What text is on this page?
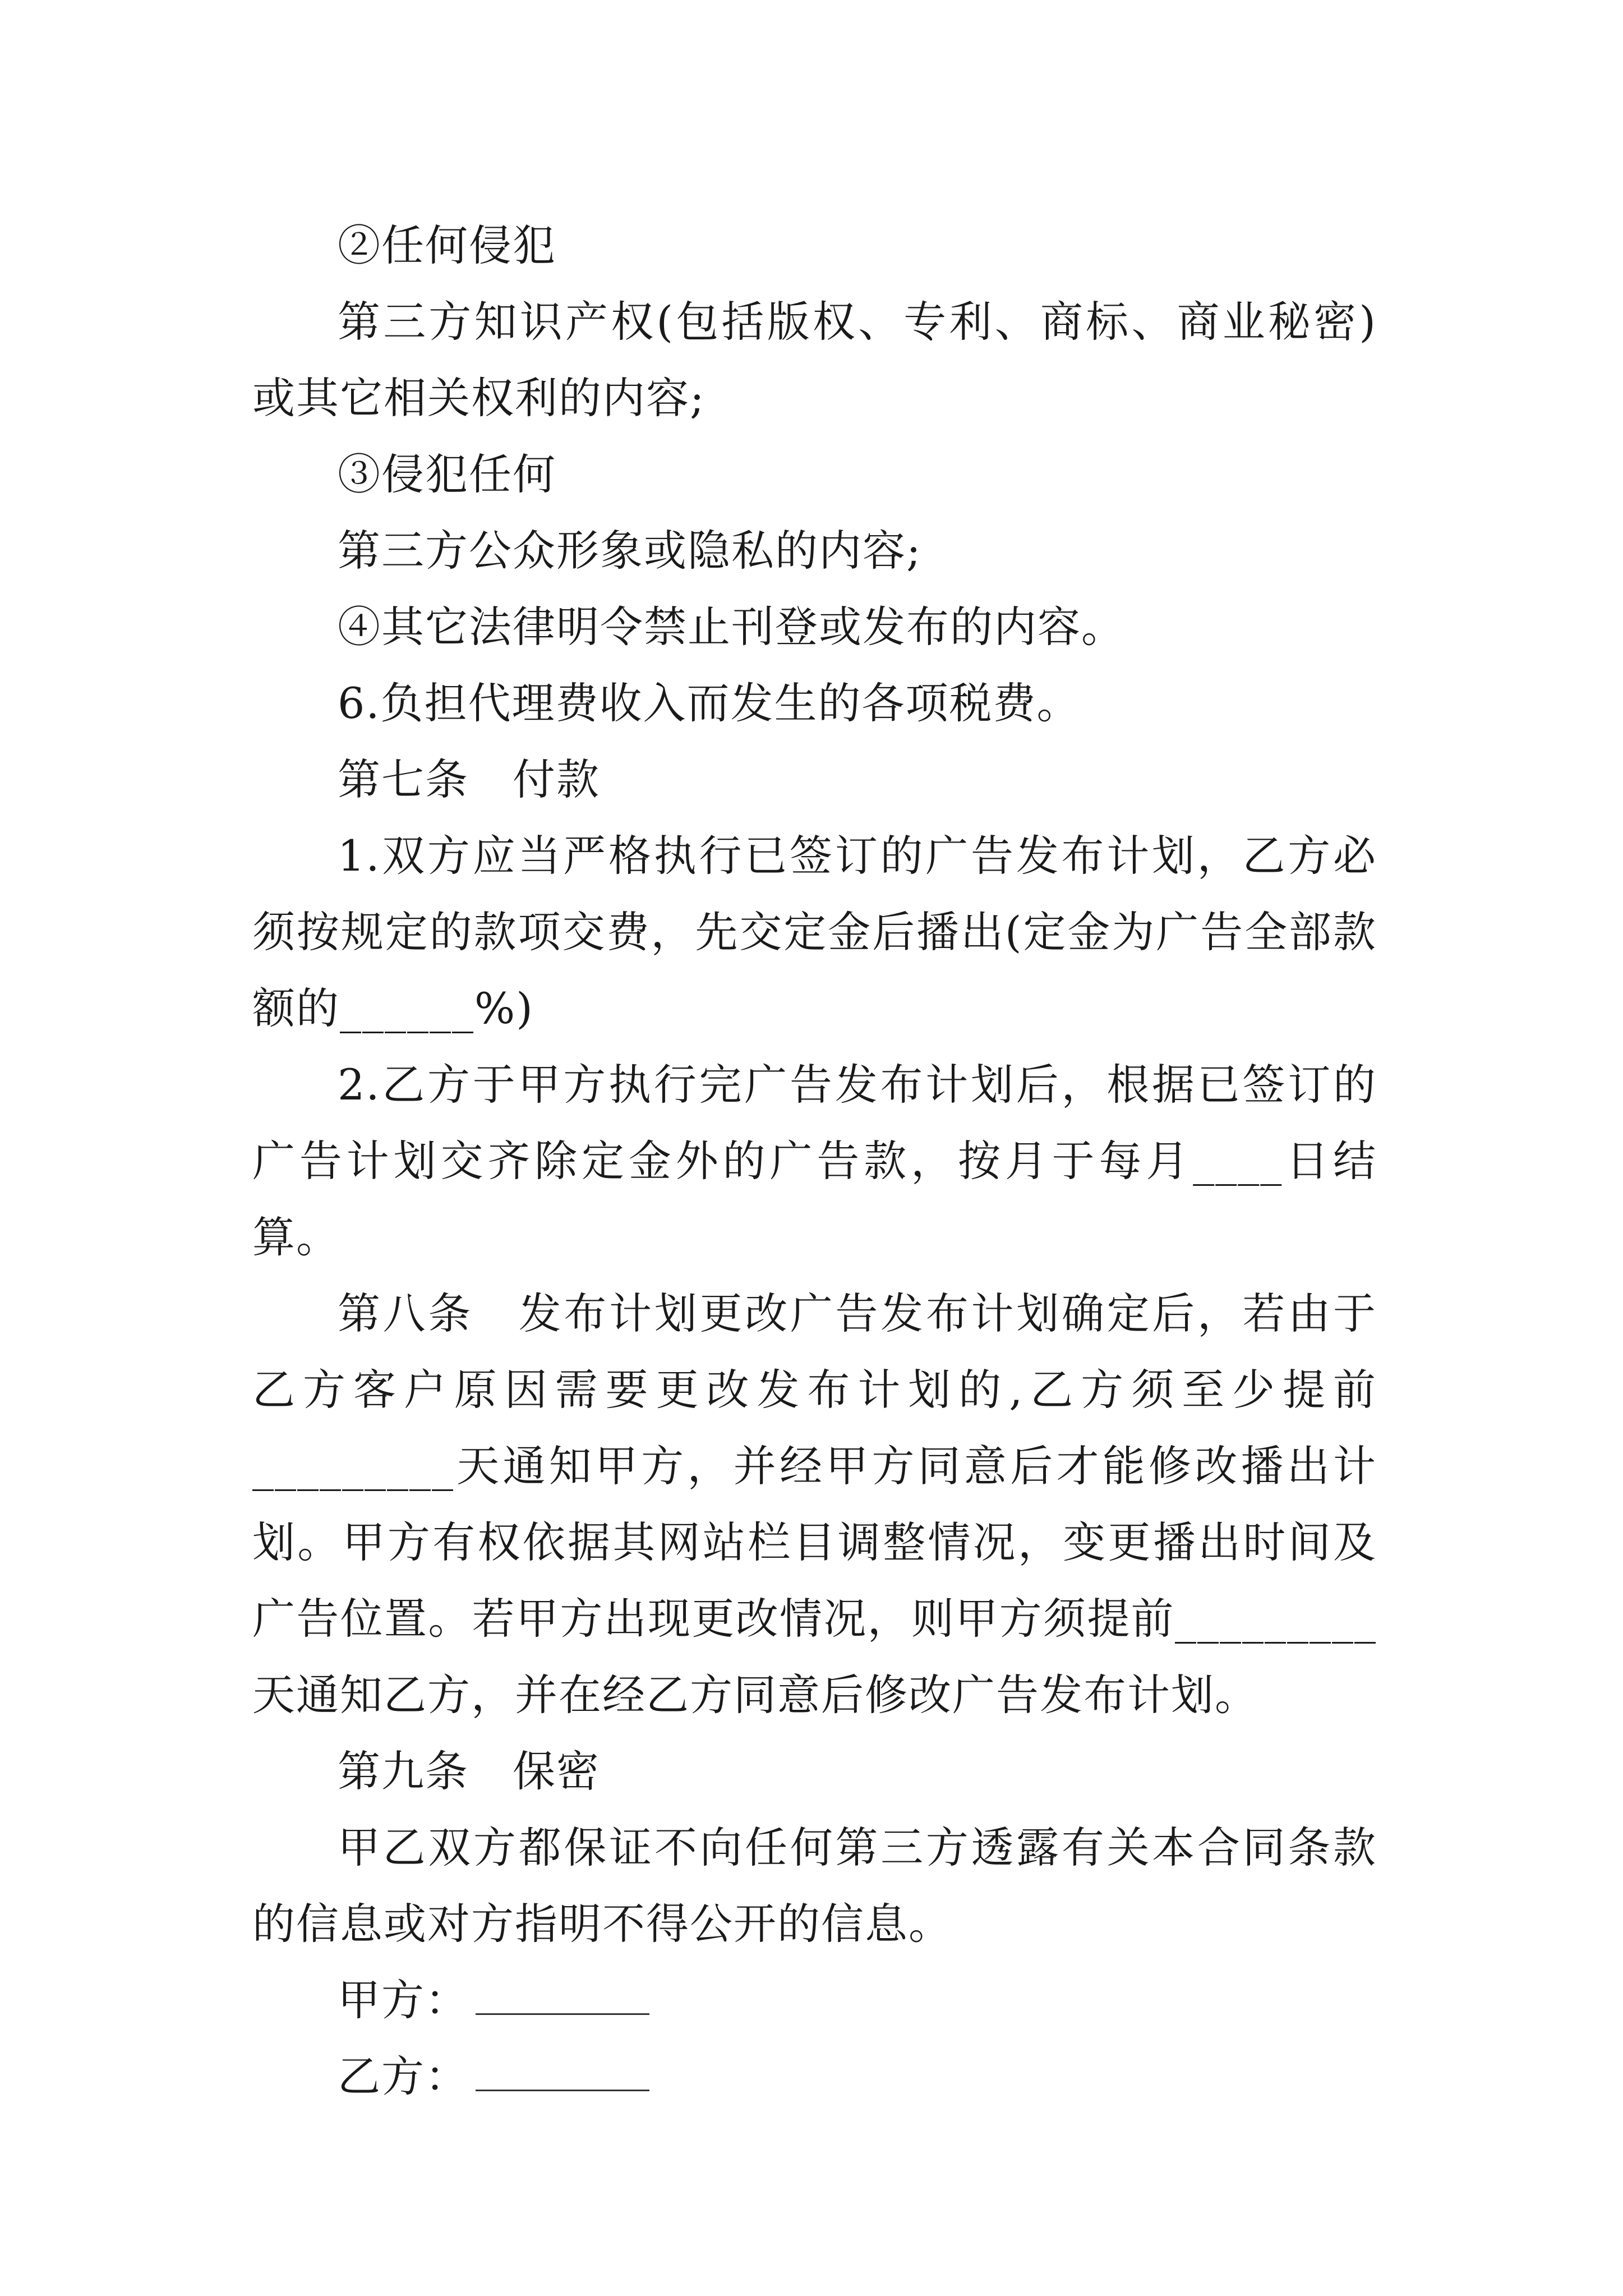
②任何侵犯

第三方知识产权(包括版权、专利、商标、商业秘密)或其它相关权利的内容;

③侵犯任何

第三方公众形象或隐私的内容;

④其它法律明令禁止刊登或发布的内容。

6.负担代理费收入而发生的各项税费。

第七条　付款

1.双方应当严格执行已签订的广告发布计划，乙方必须按规定的款项交费，先交定金后播出(定金为广告全部款额的______%)

2.乙方于甲方执行完广告发布计划后，根据已签订的广告计划交齐除定金外的广告款，按月于每月____日结算。

第八条　发布计划更改广告发布计划确定后，若由于乙方客户原因需要更改发布计划的,乙方须至少提前_________天通知甲方，并经甲方同意后才能修改播出计划。甲方有权依据其网站栏目调整情况，变更播出时间及广告位置。若甲方出现更改情况，则甲方须提前_________天通知乙方，并在经乙方同意后修改广告发布计划。

第九条　保密

甲乙双方都保证不向任何第三方透露有关本合同条款的信息或对方指明不得公开的信息。

甲方：

乙方：
